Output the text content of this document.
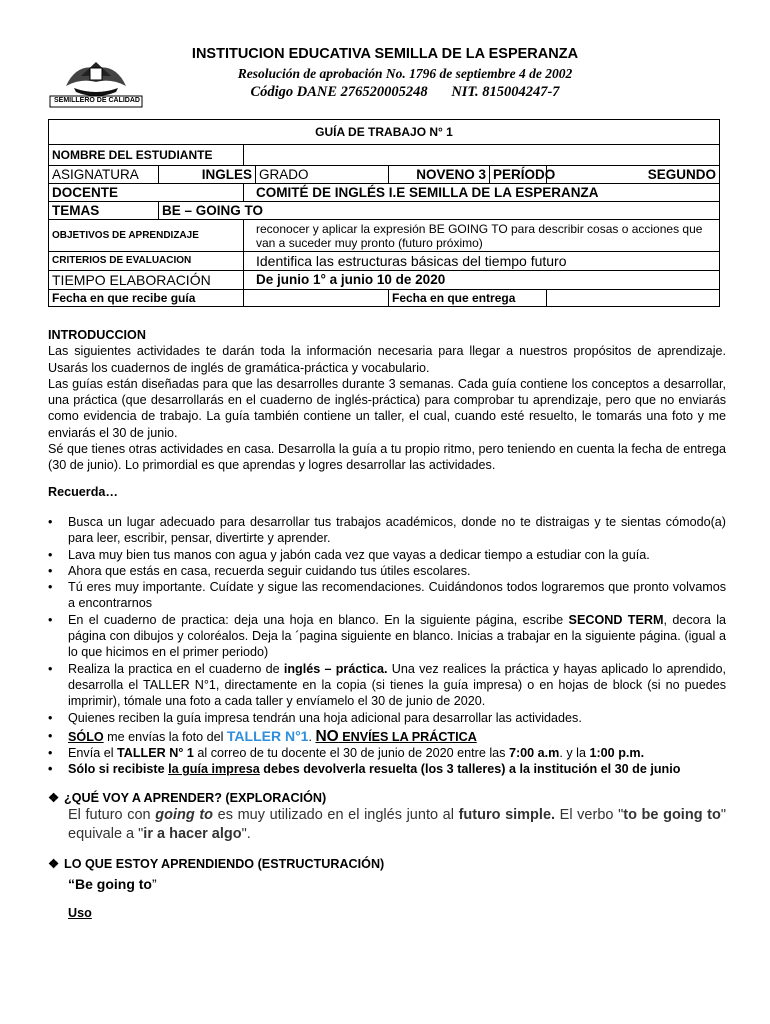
SEMILLERO DE CALIDAD
INSTITUCION EDUCATIVA SEMILLA DE LA ESPERANZA
Resolución de aprobación No. 1796 de septiembre 4 de 2002
Código DANE 276520005248 NIT. 815004247-7
GUÍA DE TRABAJO N° 1						
NOMBRE DEL ESTUDIANTE						
ASIGNATURA	INGLES		GRADO	NOVENO 3	PERÍODO	SEGUNDO
DOCENTE		COMITÉ DE INGLÉS I.E SEMILLA DE LA ESPERANZA				
TEMAS	BE – GOING TO					
OBJETIVOS DE APRENDIZAJE		reconocer y aplicar la expresión BE GOING TO para describir cosas o acciones que van a suceder muy pronto (futuro próximo)				
CRITERIOS DE EVALUACION		Identifica las estructuras básicas del tiempo futuro				
TIEMPO ELABORACIÓN		De junio 1° a junio 10 de 2020				
Fecha en que recibe guía				Fecha en que entrega		

INTRODUCCION

Las siguientes actividades te darán toda la información necesaria para llegar a nuestros propósitos de aprendizaje. Usarás los cuadernos de inglés de gramática-práctica y vocabulario.

Las guías están diseñadas para que las desarrolles durante 3 semanas. Cada guía contiene los conceptos a desarrollar, una práctica (que desarrollarás en el cuaderno de inglés-práctica) para comprobar tu aprendizaje, pero que no enviarás como evidencia de trabajo. La guía también contiene un taller, el cual, cuando esté resuelto, le tomarás una foto y me enviarás el 30 de junio.

Sé que tienes otras actividades en casa. Desarrolla la guía a tu propio ritmo, pero teniendo en cuenta la fecha de entrega (30 de junio). Lo primordial es que aprendas y logres desarrollar las actividades.

Recuerda…

• Busca un lugar adecuado para desarrollar tus trabajos académicos, donde no te distraigas y te sientas cómodo(a) para leer, escribir, pensar, divertirte y aprender.
• Lava muy bien tus manos con agua y jabón cada vez que vayas a dedicar tiempo a estudiar con la guía.
• Ahora que estás en casa, recuerda seguir cuidando tus útiles escolares.
• Tú eres muy importante. Cuídate y sigue las recomendaciones. Cuidándonos todos lograremos que pronto volvamos a encontrarnos
• En el cuaderno de practica: deja una hoja en blanco. En la siguiente página, escribe SECOND TERM, decora la página con dibujos y coloréalos. Deja la ´pagina siguiente en blanco. Inicias a trabajar en la siguiente página. (igual a lo que hicimos en el primer periodo)
• Realiza la practica en el cuaderno de inglés – práctica. Una vez realices la práctica y hayas aplicado lo aprendido, desarrolla el TALLER N°1, directamente en la copia (si tienes la guía impresa) o en hojas de block (si no puedes imprimir), tómale una foto a cada taller y envíamelo el 30 de junio de 2020.
• Quienes reciben la guía impresa tendrán una hoja adicional para desarrollar las actividades.
• SÓLO me envías la foto del TALLER N°1. NO ENVÍES LA PRÁCTICA
• Envía el TALLER N° 1 al correo de tu docente el 30 de junio de 2020 entre las 7:00 a.m. y la 1:00 p.m.
• Sólo si recibiste la guía impresa debes devolverla resuelta (los 3 talleres) a la institución el 30 de junio

❖ ¿QUÉ VOY A APRENDER? (EXPLORACIÓN)

El futuro con going to es muy utilizado en el inglés junto al futuro simple. El verbo "to be going to" equivale a "ir a hacer algo".

❖ LO QUE ESTOY APRENDIENDO (ESTRUCTURACIÓN)

“Be going to”

Uso
